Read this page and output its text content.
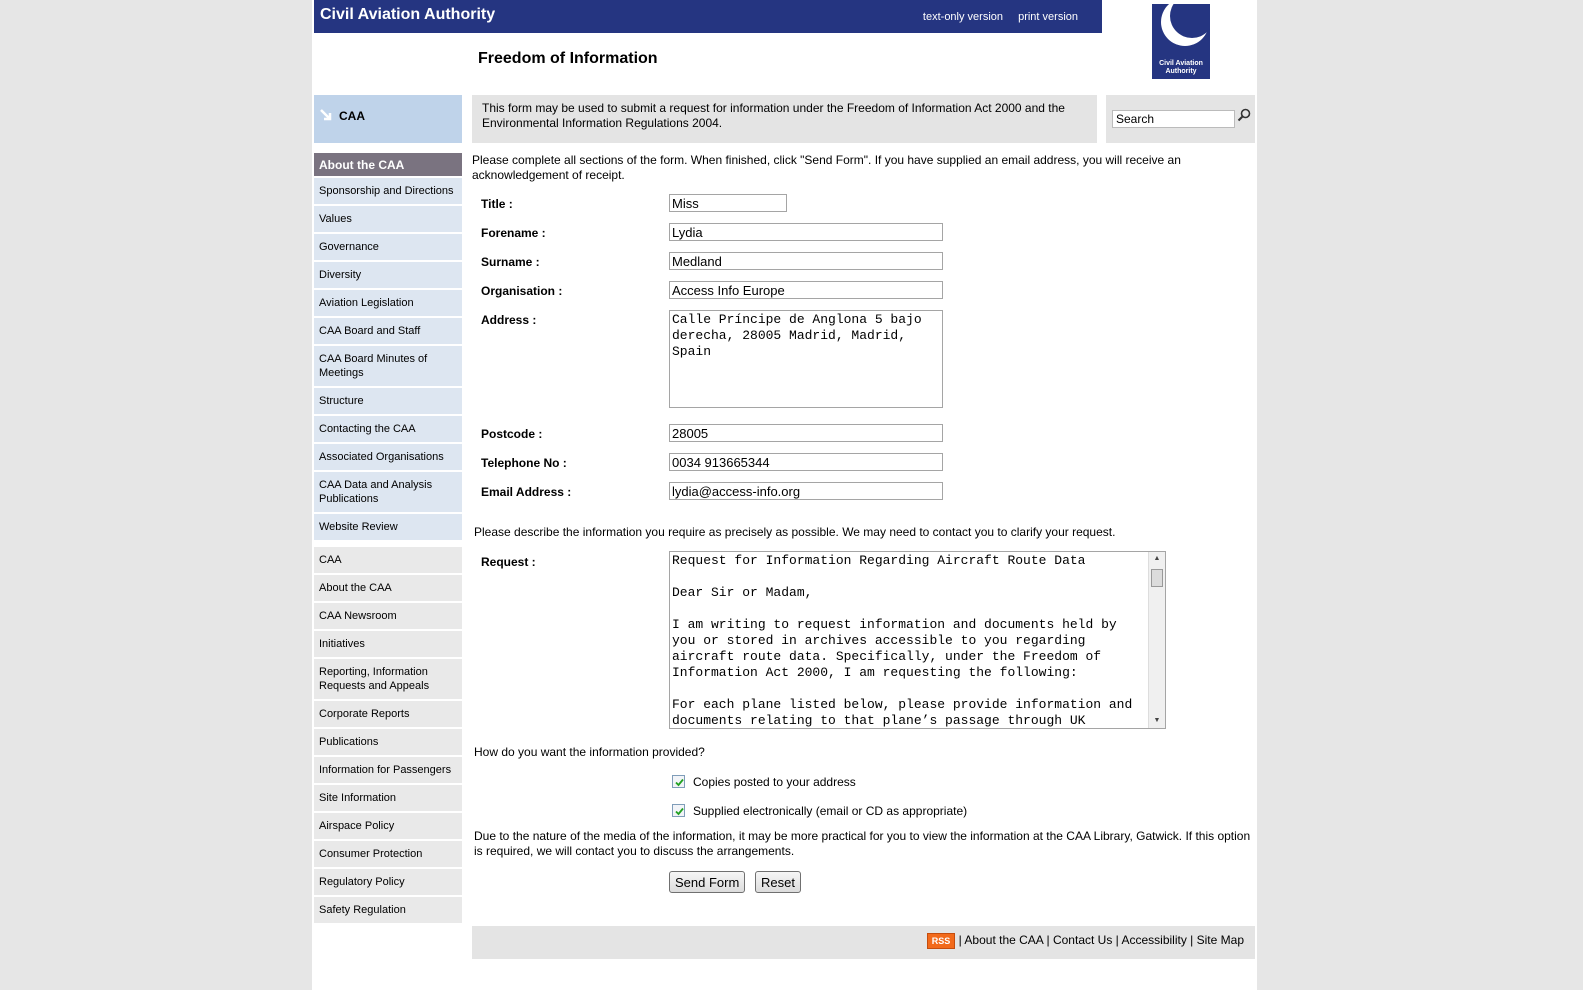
Civil Aviation Authority	text-only version print version
Civil Aviation
Authority
Freedom of Information
CAA
About the CAA
Sponsorship and Directions
Values
Governance
Diversity
Aviation Legislation
CAA Board and Staff
CAA Board Minutes of Meetings
Structure
Contacting the CAA
Associated Organisations
CAA Data and Analysis Publications
Website Review
CAA
About the CAA
CAA Newsroom
Initiatives
Reporting, Information Requests and Appeals
Corporate Reports
Publications
Information for Passengers
Site Information
Airspace Policy
Consumer Protection
Regulatory Policy
Safety Regulation
This form may be used to submit a request for information under the Freedom of Information Act 2000 and the Environmental Information Regulations 2004.
Search
Please complete all sections of the form. When finished, click "Send Form". If you have supplied an email address, you will receive an acknowledgement of receipt.
Title :
Miss
Forename :
Lydia
Surname :
Medland
Organisation :
Access Info Europe
Address :
Calle Príncipe de Anglona 5 bajo derecha, 28005 Madrid, Madrid, Spain
Postcode :
28005
Telephone No :
0034 913665344
Email Address :
lydia@access-info.org
Please describe the information you require as precisely as possible. We may need to contact you to clarify your request.
Request :
Request for Information Regarding Aircraft Route Data Dear Sir or Madam, I am writing to request information and documents held by you or stored in archives accessible to you regarding aircraft route data. Specifically, under the Freedom of Information Act 2000, I am requesting the following: For each plane listed below, please provide information and documents relating to that plane’s passage through UK	▲
▼
How do you want the information provided?
Copies posted to your address
Supplied electronically (email or CD as appropriate)
Due to the nature of the media of the information, it may be more practical for you to view the information at the CAA Library, Gatwick. If this option is required, we will contact you to discuss the arrangements.
Send Form	Reset
RSS | About the CAA | Contact Us | Accessibility | Site Map
